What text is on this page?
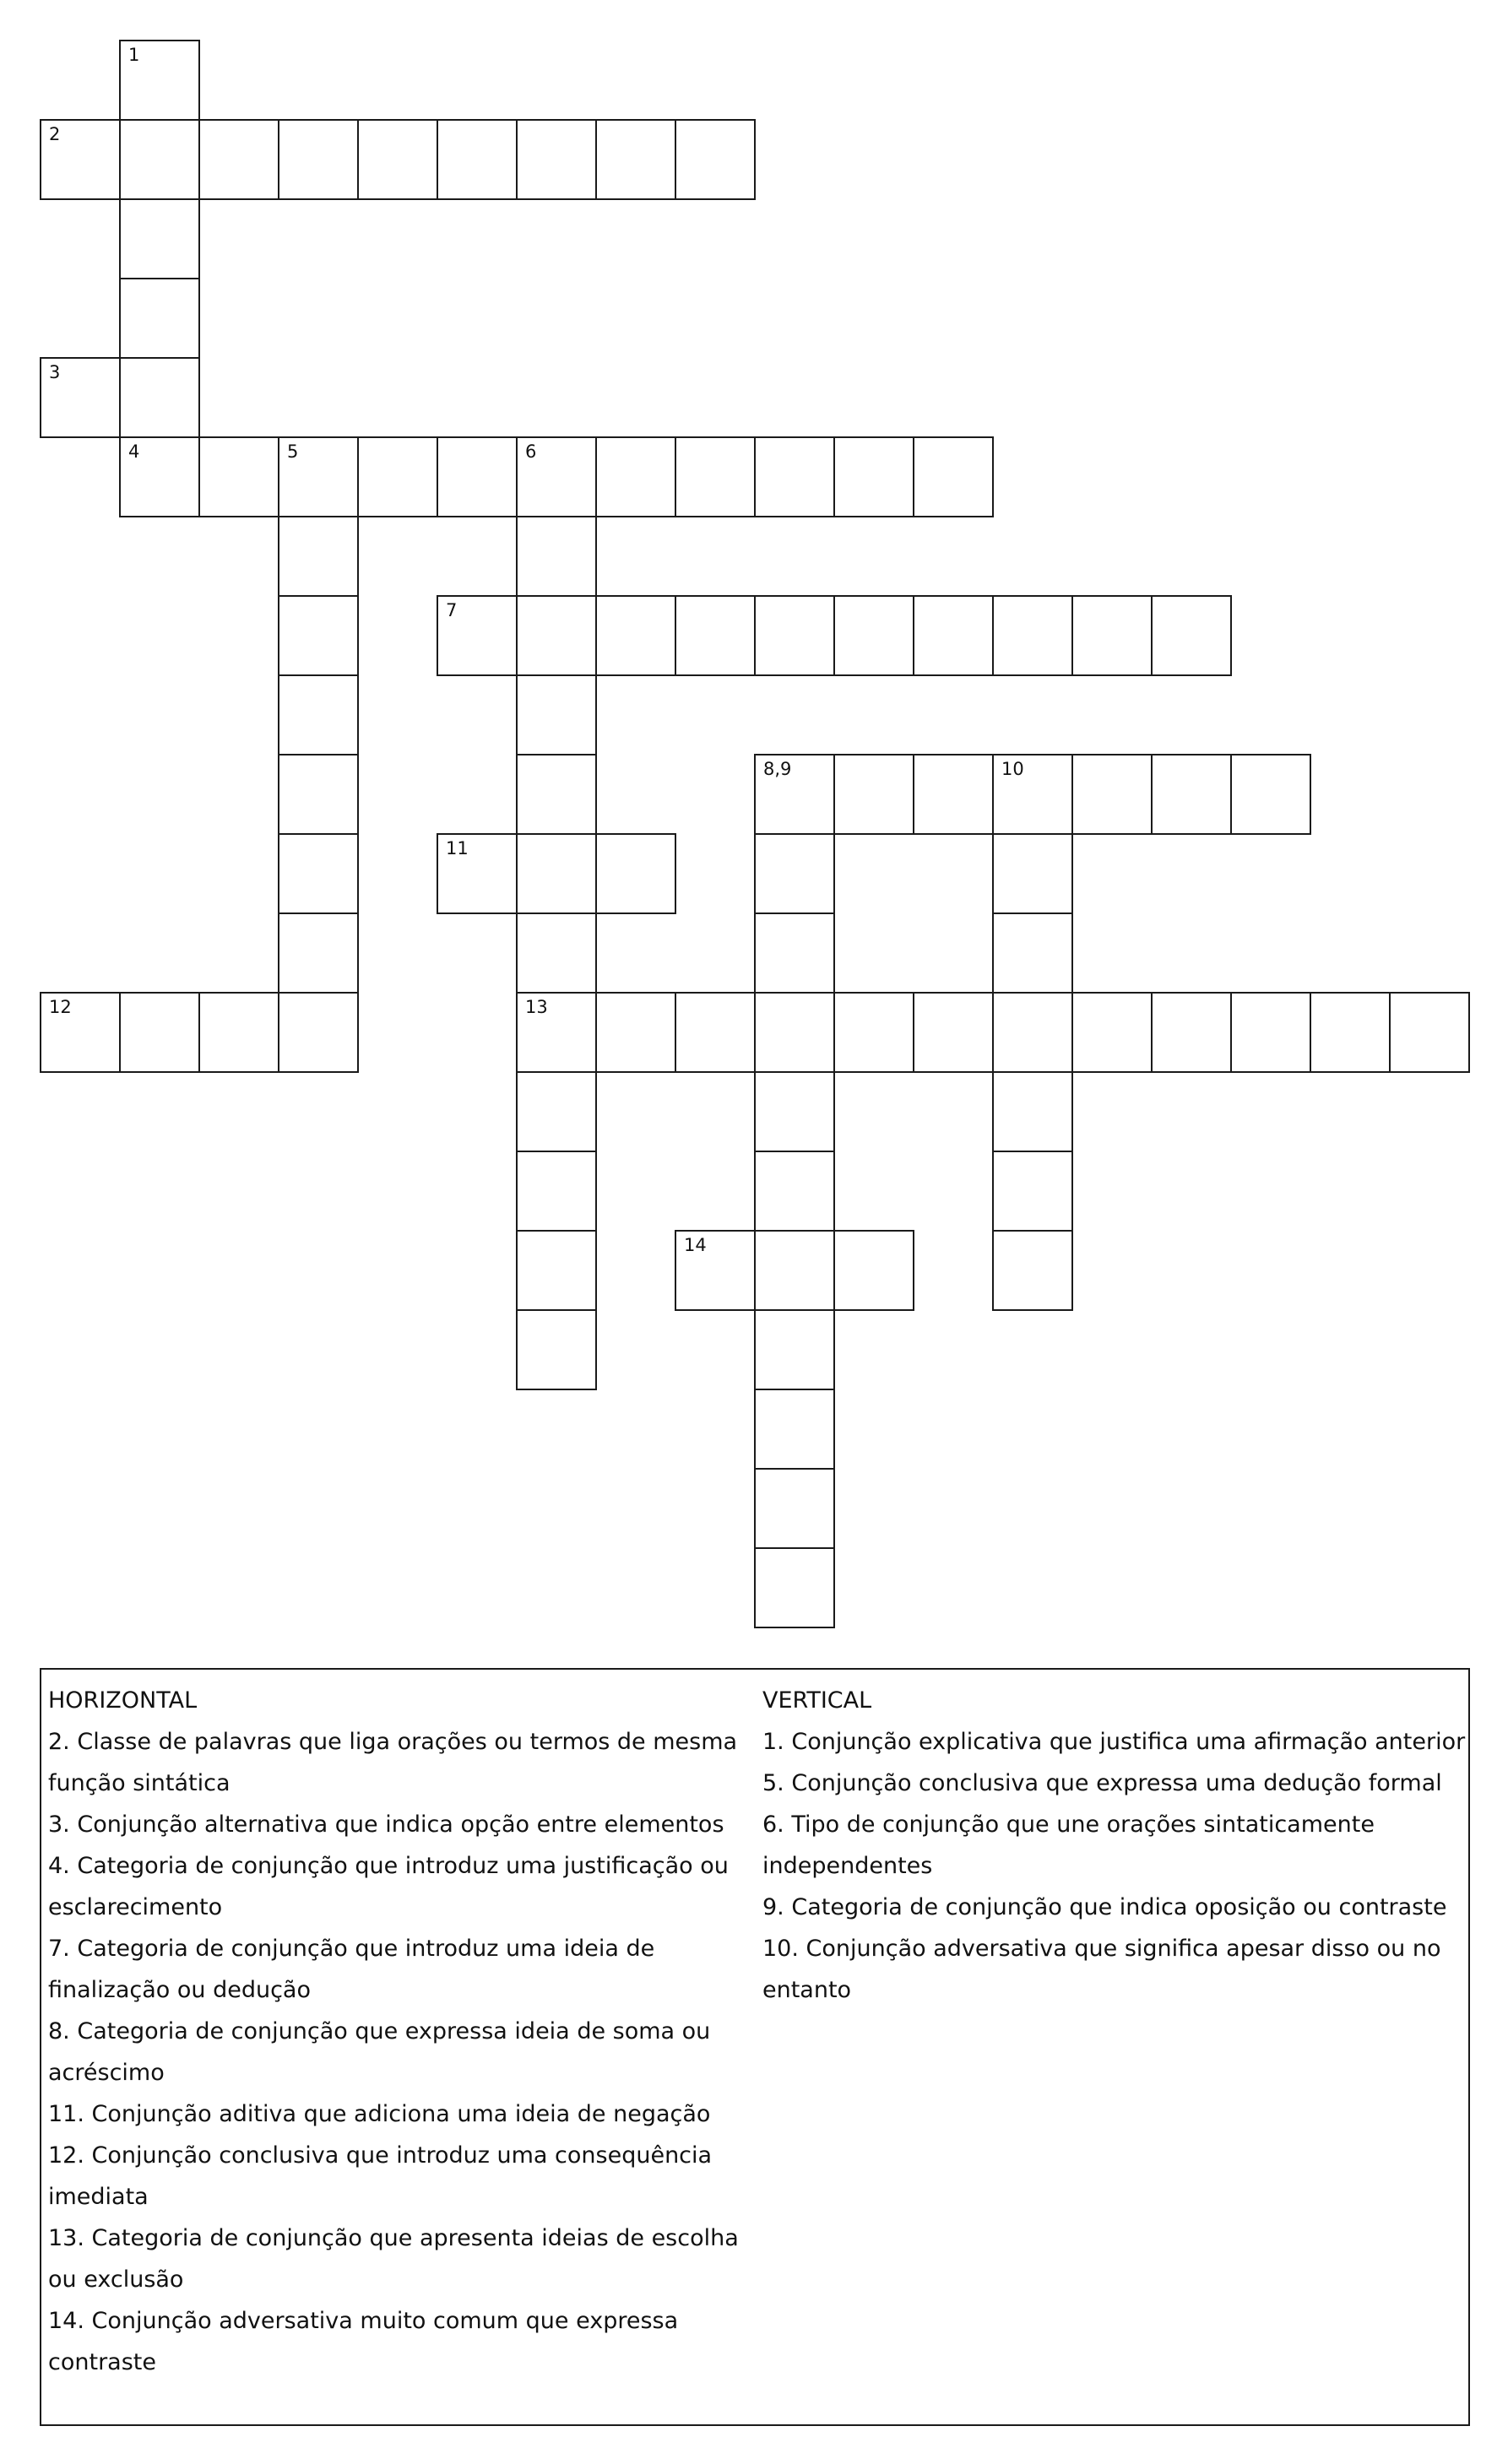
1
2
3
4	5	6
7
8,9	10
11
12	13
14
HORIZONTAL
2. Classe de palavras que liga orações ou termos de mesma
função sintática
3. Conjunção alternativa que indica opção entre elementos
4. Categoria de conjunção que introduz uma justificação ou
esclarecimento
7. Categoria de conjunção que introduz uma ideia de
finalização ou dedução
8. Categoria de conjunção que expressa ideia de soma ou
acréscimo
11. Conjunção aditiva que adiciona uma ideia de negação
12. Conjunção conclusiva que introduz uma consequência
imediata
13. Categoria de conjunção que apresenta ideias de escolha
ou exclusão
14. Conjunção adversativa muito comum que expressa
contraste
VERTICAL
1. Conjunção explicativa que justifica uma afirmação anterior
5. Conjunção conclusiva que expressa uma dedução formal
6. Tipo de conjunção que une orações sintaticamente
independentes
9. Categoria de conjunção que indica oposição ou contraste
10. Conjunção adversativa que significa apesar disso ou no
entanto
